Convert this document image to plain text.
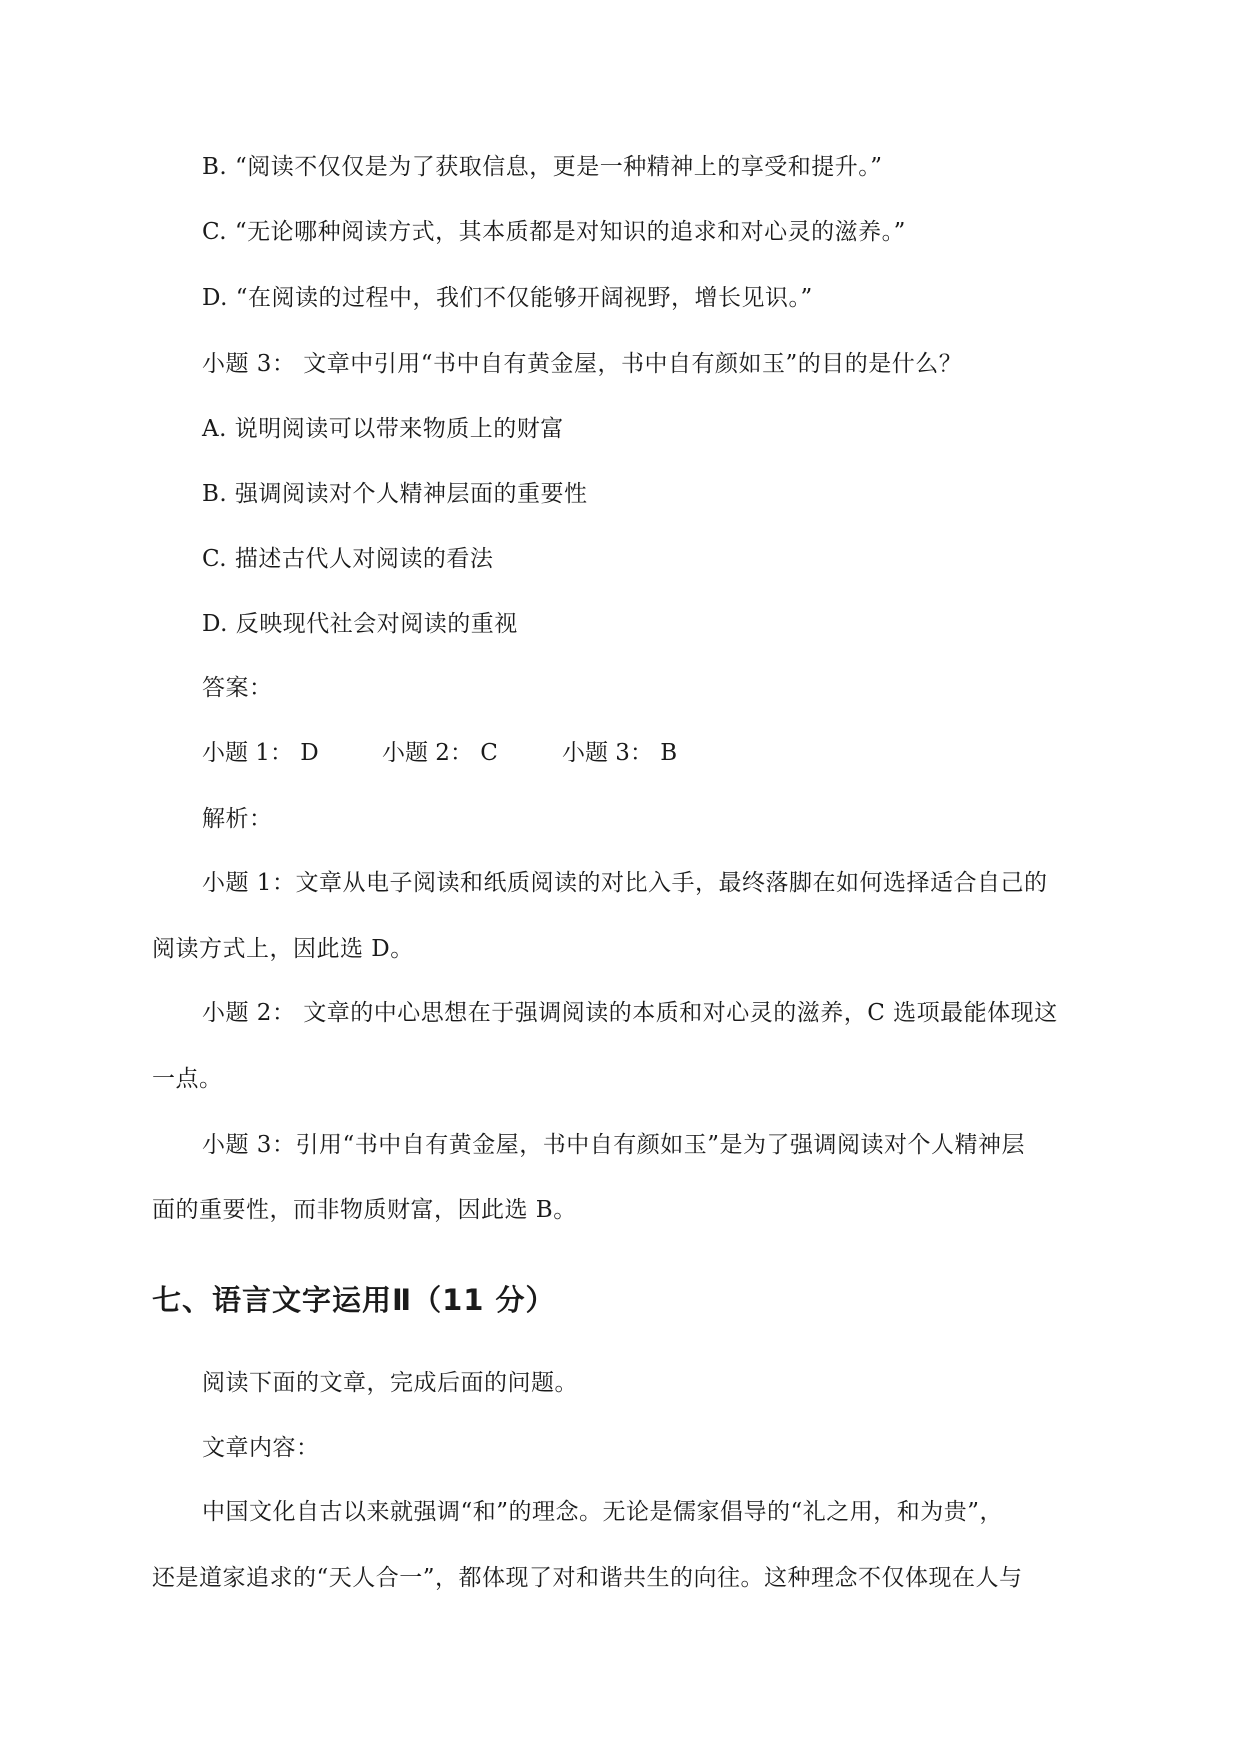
B. “阅读不仅仅是为了获取信息，更是一种精神上的享受和提升。”
C. “无论哪种阅读方式，其本质都是对知识的追求和对心灵的滋养。”
D. “在阅读的过程中，我们不仅能够开阔视野，增长见识。”
小题 3： 文章中引用“书中自有黄金屋，书中自有颜如玉”的目的是什么？
A. 说明阅读可以带来物质上的财富
B. 强调阅读对个人精神层面的重要性
C. 描述古代人对阅读的看法
D. 反映现代社会对阅读的重视
答案：
小题 1： D	小题 2： C	小题 3： B
解析：
小题 1：文章从电子阅读和纸质阅读的对比入手，最终落脚在如何选择适合自己的
阅读方式上，因此选 D。
小题 2： 文章的中心思想在于强调阅读的本质和对心灵的滋养，C 选项最能体现这
一点。
小题 3：引用“书中自有黄金屋，书中自有颜如玉”是为了强调阅读对个人精神层
面的重要性，而非物质财富，因此选 B。
七、语言文字运用Ⅱ（11 分）
阅读下面的文章，完成后面的问题。
文章内容：
中国文化自古以来就强调“和”的理念。无论是儒家倡导的“礼之用，和为贵”，
还是道家追求的“天人合一”，都体现了对和谐共生的向往。这种理念不仅体现在人与
